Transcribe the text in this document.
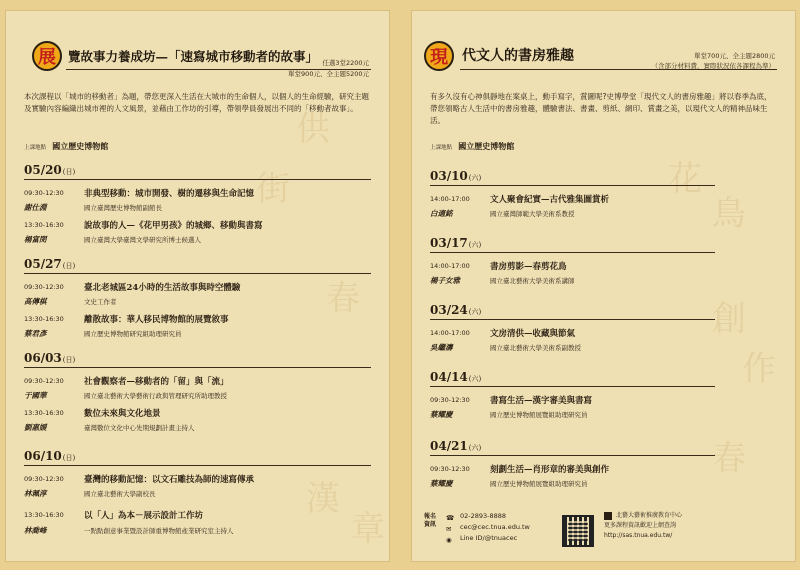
街
供
春
漢
章
展 覽故事力養成坊—「速寫城市移動者的故事」 任選3堂2200元
單堂900元、全主題5200元
本次課程以「城市的移動者」為題，帶您更深入生活在大城市的生命個人，以個人的生命經驗，研究主題及實驗內容編織出城市裡的人文風景，並藉由工作坊的引導，帶領學員發展出不同的「移動者故事」。
上課地點 國立歷史博物館
05/20(日)
09:30-12:30	非典型移動：城市開發、樹的遷移與生命記憶
謝仕淵	國立臺灣歷史博物館副館長
13:30-16:30	說故事的人—《花甲男孩》的城鄉、移動與書寫
楊富閔	國立臺灣大學臺灣文學研究所博士候選人
05/27(日)
09:30-12:30	臺北老城區24小時的生活故事與時空體驗
高傳棋	文史工作者
13:30-16:30	離散故事：華人移民博物館的展覽敘事
蔡君彥	國立歷史博物館研究組助理研究員
06/03(日)
09:30-12:30	社會觀察者—移動者的「留」與「流」
于國華	國立臺北藝術大學藝術行政與管理研究所助理教授
13:30-16:30	數位未來與文化地景
劉惠媛	臺灣數位文化中心先期規劃計畫主持人
06/10(日)
09:30-12:30	臺灣的移動記憶：以文石雕技為師的速寫傳承
林珮淳	國立臺北藝術大學副校長
13:30-16:30	以「人」為本－展示設計工作坊
林喬峰	一點點創意事業暨設計師重博物館產業研究室主持人
花
鳥
創
作
春
現	代文人的書房雅趣	單堂700元、全主題2800元
（含部分材料費，實際狀況依各課程為準）
有多久沒有心神俱靜地在案桌上，動手寫字，賞圖呢?史博學堂「現代文人的書房雅趣」將以春季為底，帶您領略古人生活中的書房雅趣，體驗書法、書畫、剪紙、網印、賞畫之美，以現代文人的精神品味生活。
上課地點 國立歷史博物館
03/10(六)
14:00-17:00	文人聚會紀實—古代雅集圖賞析
白適銘	國立臺灣師範大學美術系教授
03/17(六)
14:00-17:00	書房剪影—春剪花鳥
楊子女雅	國立臺北藝術大學美術系講師
03/24(六)
14:00-17:00	文房清供—收藏與節氣
吳繼濤	國立臺北藝術大學美術系副教授
04/14(六)
09:30-12:30	書寫生活—漢字審美與書寫
蔡耀慶	國立歷史博物館展覽組助理研究員
04/21(六)
09:30-12:30	刻劃生活—肖形章的審美與創作
蔡耀慶	國立歷史博物館展覽組助理研究員
報名資訊
☎ 02-2893-8888
✉	cec@cec.tnua.edu.tw
◉	Line ID/@tnuacec
北藝大藝術推廣教育中心
更多課程資訊歡迎上網查詢
http://sas.tnua.edu.tw/
